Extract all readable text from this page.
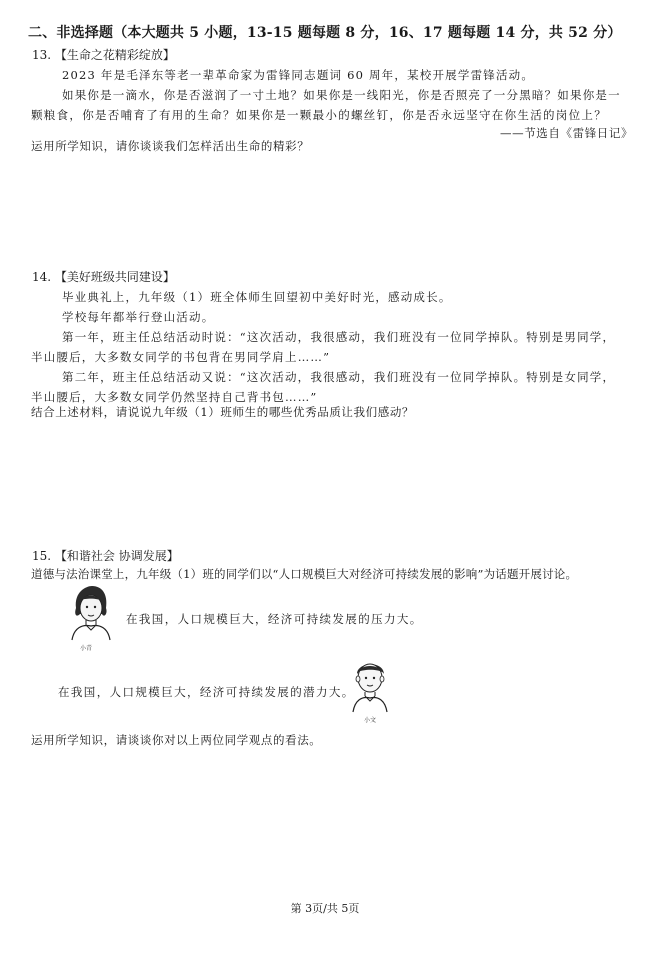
二、非选择题（本大题共 5 小题，13-15 题每题 8 分，16、17 题每题 14 分，共 52 分）
13. 【生命之花精彩绽放】
2023 年是毛泽东等老一辈革命家为雷锋同志题词 60 周年，某校开展学雷锋活动。
如果你是一滴水，你是否滋润了一寸土地？如果你是一线阳光，你是否照亮了一分黑暗？如果你是一
颗粮食，你是否哺育了有用的生命？如果你是一颗最小的螺丝钉，你是否永远坚守在你生活的岗位上？
——节选自《雷锋日记》
运用所学知识，请你谈谈我们怎样活出生命的精彩？
14. 【美好班级共同建设】
毕业典礼上，九年级（1）班全体师生回望初中美好时光，感动成长。
学校每年都举行登山活动。
第一年，班主任总结活动时说：“这次活动，我很感动，我们班没有一位同学掉队。特别是男同学，
半山腰后，大多数女同学的书包背在男同学肩上……”
第二年，班主任总结活动又说：“这次活动，我很感动，我们班没有一位同学掉队。特别是女同学，
半山腰后，大多数女同学仍然坚持自己背书包……”
结合上述材料，请说说九年级（1）班师生的哪些优秀品质让我们感动？
15. 【和谐社会 协调发展】
道德与法治课堂上，九年级（1）班的同学们以“人口规模巨大对经济可持续发展的影响”为话题开展讨论。
小青
在我国，人口规模巨大，经济可持续发展的压力大。
小文
在我国，人口规模巨大，经济可持续发展的潜力大。
运用所学知识，请谈谈你对以上两位同学观点的看法。
第 3页/共 5页
